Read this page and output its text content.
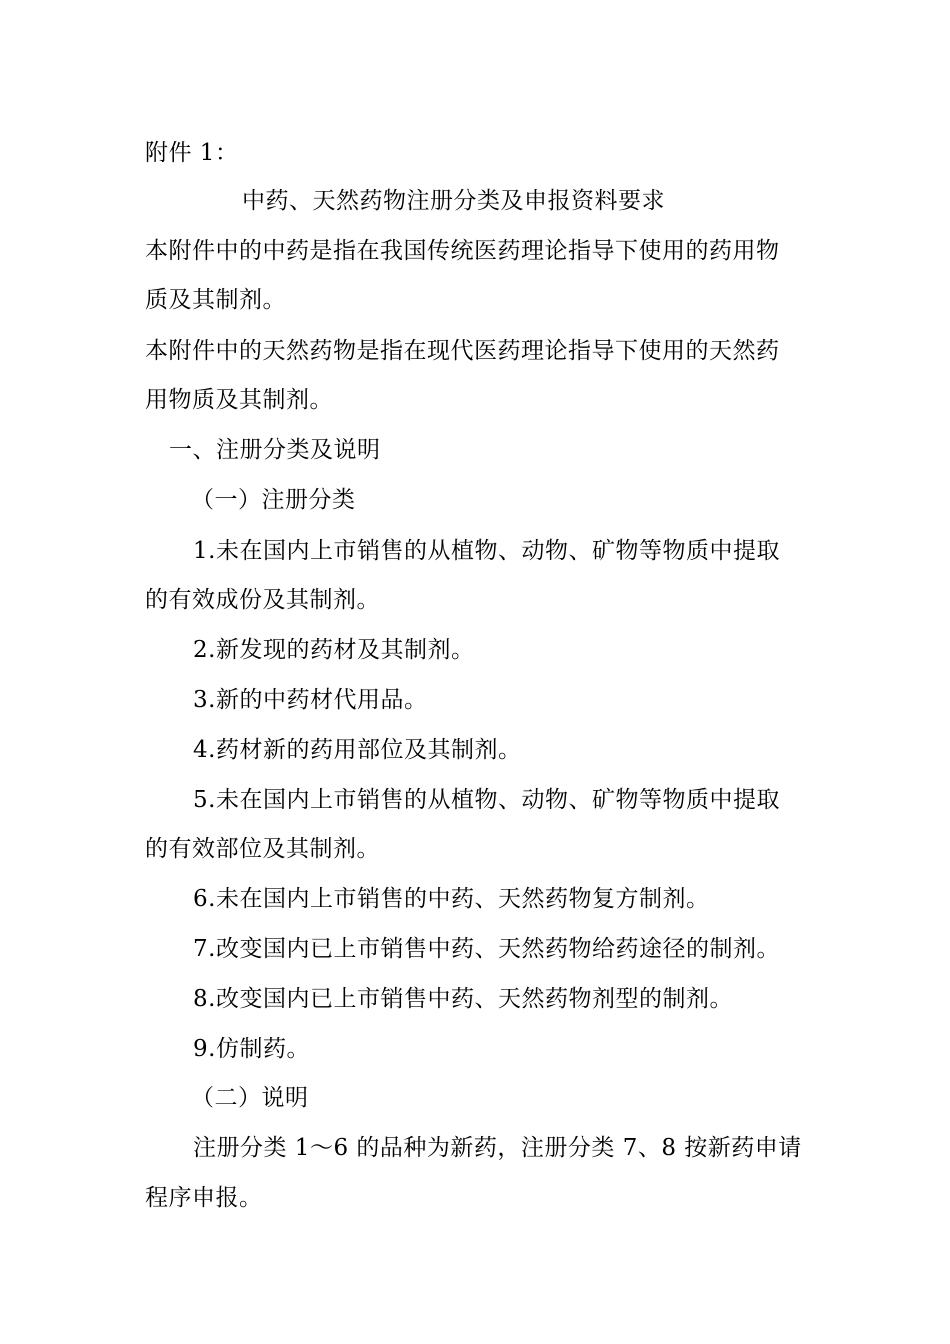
附件 1：
中药、天然药物注册分类及申报资料要求
本附件中的中药是指在我国传统医药理论指导下使用的药用物
质及其制剂。
本附件中的天然药物是指在现代医药理论指导下使用的天然药
用物质及其制剂。
一、注册分类及说明
（一）注册分类
1.未在国内上市销售的从植物、动物、矿物等物质中提取
的有效成份及其制剂。
2.新发现的药材及其制剂。
3.新的中药材代用品。
4.药材新的药用部位及其制剂。
5.未在国内上市销售的从植物、动物、矿物等物质中提取
的有效部位及其制剂。
6.未在国内上市销售的中药、天然药物复方制剂。
7.改变国内已上市销售中药、天然药物给药途径的制剂。
8.改变国内已上市销售中药、天然药物剂型的制剂。
9.仿制药。
（二）说明
注册分类 1～6 的品种为新药，注册分类 7、8 按新药申请
程序申报。
